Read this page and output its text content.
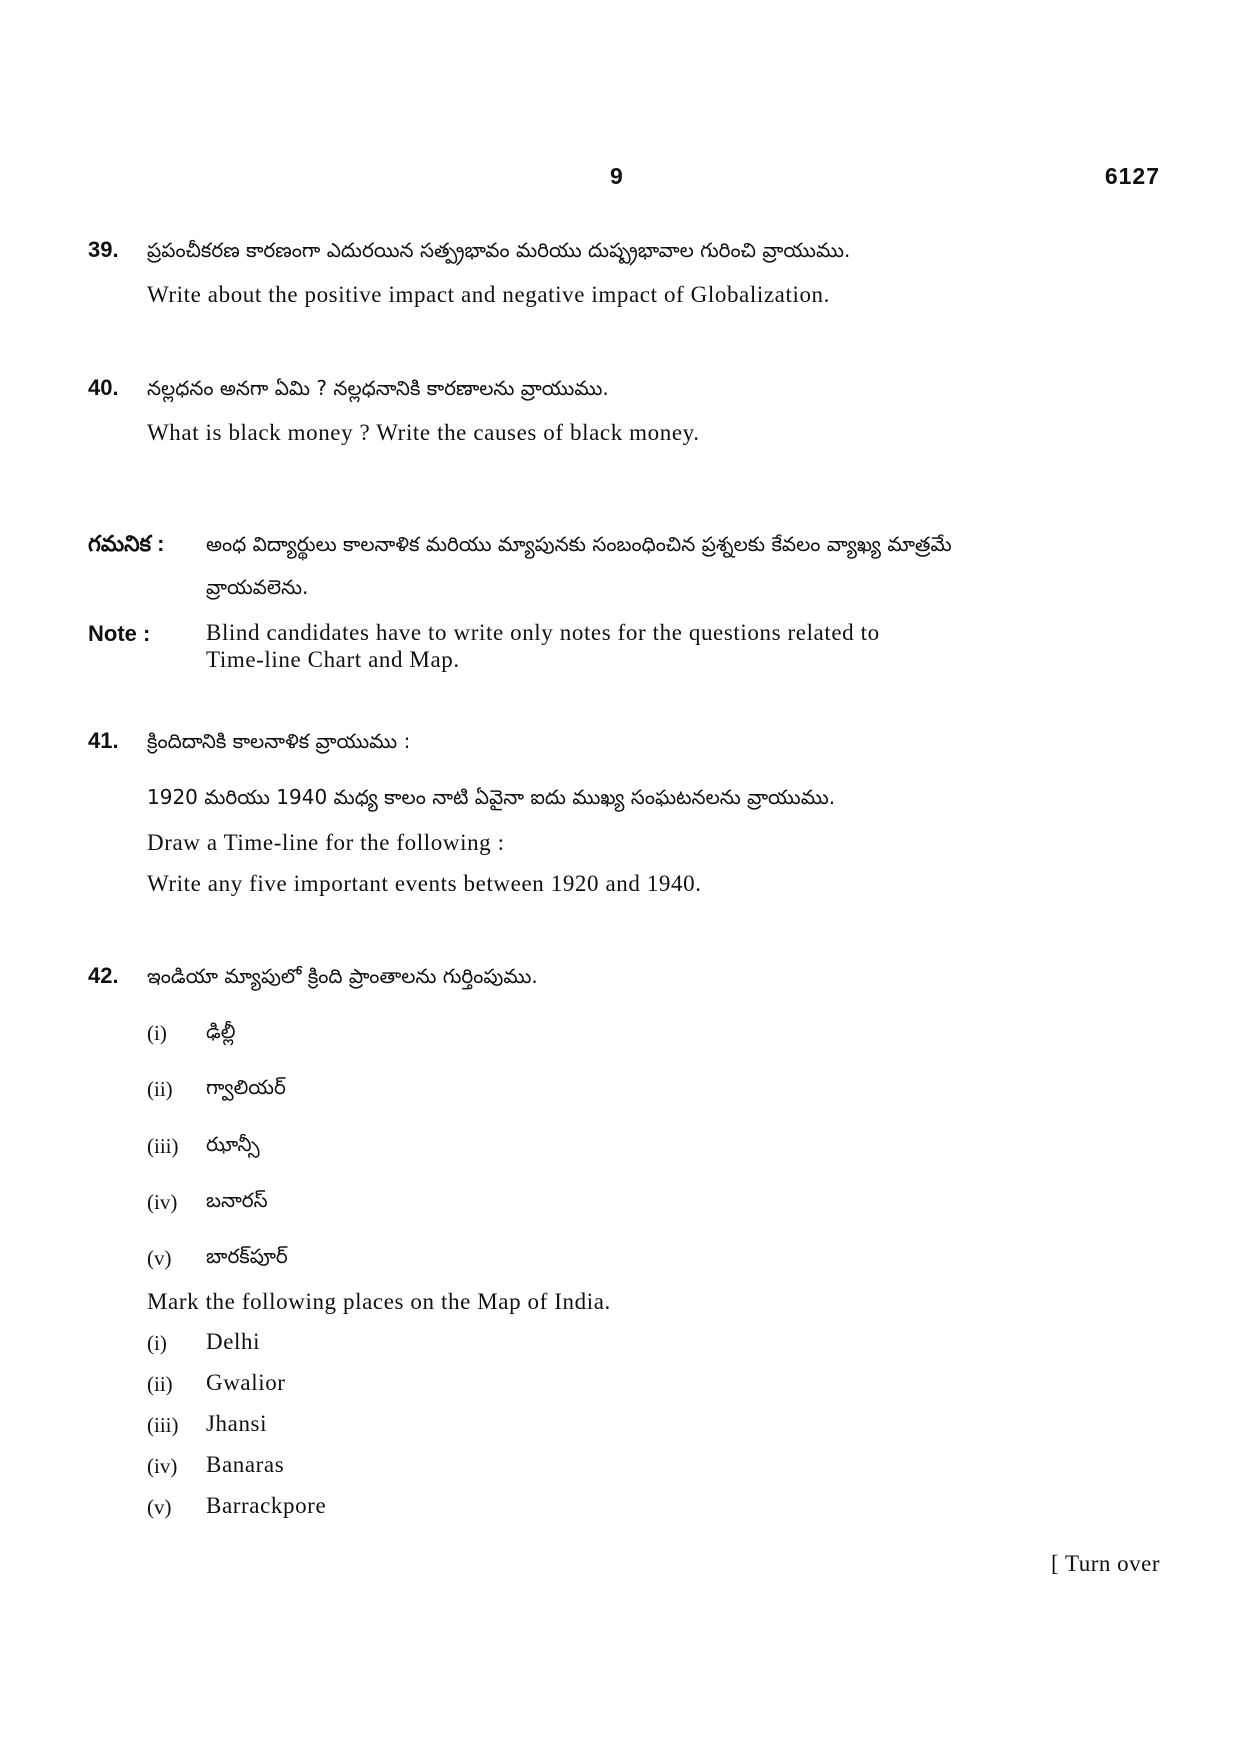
9	6127
39. ప్రపంచీకరణ కారణంగా ఎదురయిన సత్ప్రభావం మరియు దుష్ప్రభావాల గురించి వ్రాయుము.
Write about the positive impact and negative impact of Globalization.
40. నల్లధనం అనగా ఏమి ? నల్లధనానికి కారణాలను వ్రాయుము.
What is black money ? Write the causes of black money.
గమనిక : అంధ విద్యార్థులు కాలనాళిక మరియు మ్యాపునకు సంబంధించిన ప్రశ్నలకు కేవలం వ్యాఖ్య మాత్రమే
వ్రాయవలెను.
Note : Blind candidates have to write only notes for the questions related to
Time-line Chart and Map.
41. క్రిందిదానికి కాలనాళిక వ్రాయుము :
1920 మరియు 1940 మధ్య కాలం నాటి ఏవైనా ఐదు ముఖ్య సంఘటనలను వ్రాయుము.
Draw a Time-line for the following :
Write any five important events between 1920 and 1940.
42. ఇండియా మ్యాపులో క్రింది ప్రాంతాలను గుర్తింపుము.
(i) ఢిల్లీ
(ii) గ్వాలియర్
(iii) ఝాన్సీ
(iv) బనారస్
(v) బారక్‌పూర్
Mark the following places on the Map of India.
(i) Delhi
(ii) Gwalior
(iii) Jhansi
(iv) Banaras
(v) Barrackpore
[ Turn over
